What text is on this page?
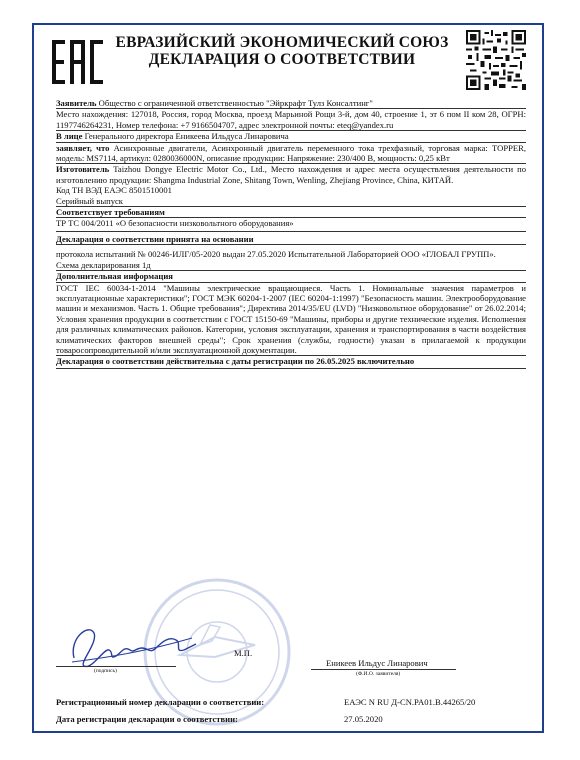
ЕВРАЗИЙСКИЙ ЭКОНОМИЧЕСКИЙ СОЮЗ
ДЕКЛАРАЦИЯ О СООТВЕТСТВИИ

Заявитель Общество с ограниченной ответственностью "Эйркрафт Тулз Консалтинг"

Место нахождения: 127018, Россия, город Москва, проезд Марьиной Рощи 3-й, дом 40, строение 1, эт 6 пом II ком 28, ОГРН: 1197746264231, Номер телефона: +7 9166504707, адрес электронной почты: eteq@yandex.ru

В лице Генерального директора Еникеева Ильдуса Линаровича

заявляет, что Асинхронные двигатели, Асинхронный двигатель переменного тока трехфазный, торговая марка: TOPPER, модель: MS7114, артикул: 0280036000N, описание продукции: Напряжение: 230/400 В, мощность: 0,25 кВт

Изготовитель Taizhou Dongye Electric Motor Co., Ltd., Место нахождения и адрес места осуществления деятельности по изготовлению продукции: Shangma Industrial Zone, Shitang Town, Wenling, Zhejiang Province, China, КИТАЙ.

Код ТН ВЭД ЕАЭС 8501510001

Серийный выпуск

Соответствует требованиям

ТР ТС 004/2011 «О безопасности низковольтного оборудования»

Декларация о соответствии принята на основании

протокола испытаний № 00246-ИЛГ/05-2020 выдан 27.05.2020 Испытательной Лабораторией ООО «ГЛОБАЛ ГРУПП».

Схема декларирования 1д

Дополнительная информация

ГОСТ IEC 60034-1-2014 "Машины электрические вращающиеся. Часть 1. Номинальные значения параметров и эксплуатационные характеристики"; ГОСТ МЭК 60204-1-2007 (IEC 60204-1:1997) "Безопасность машин. Электрооборудование машин и механизмов. Часть 1. Общие требования"; Директива 2014/35/EU (LVD) "Низковольтное оборудование" от 26.02.2014; Условия хранения продукции в соответствии с ГОСТ 15150-69 "Машины, приборы и другие технические изделия. Исполнения для различных климатических районов. Категории, условия эксплуатации, хранения и транспортирования в части воздействия климатических факторов внешней среды"; Срок хранения (службы, годности) указан в прилагаемой к продукции товаросопроводительной и/или эксплуатационной документации.

Декларация о соответствии действительна с даты регистрации по 26.05.2025 включительно

(подпись)
М.П.
Еникеев Ильдус Линарович
(Ф.И.О. заявителя)
Регистрационный номер декларации о соответствии:	ЕАЭС N RU Д-CN.PA01.B.44265/20
Дата регистрации декларации о соответствии:	27.05.2020
